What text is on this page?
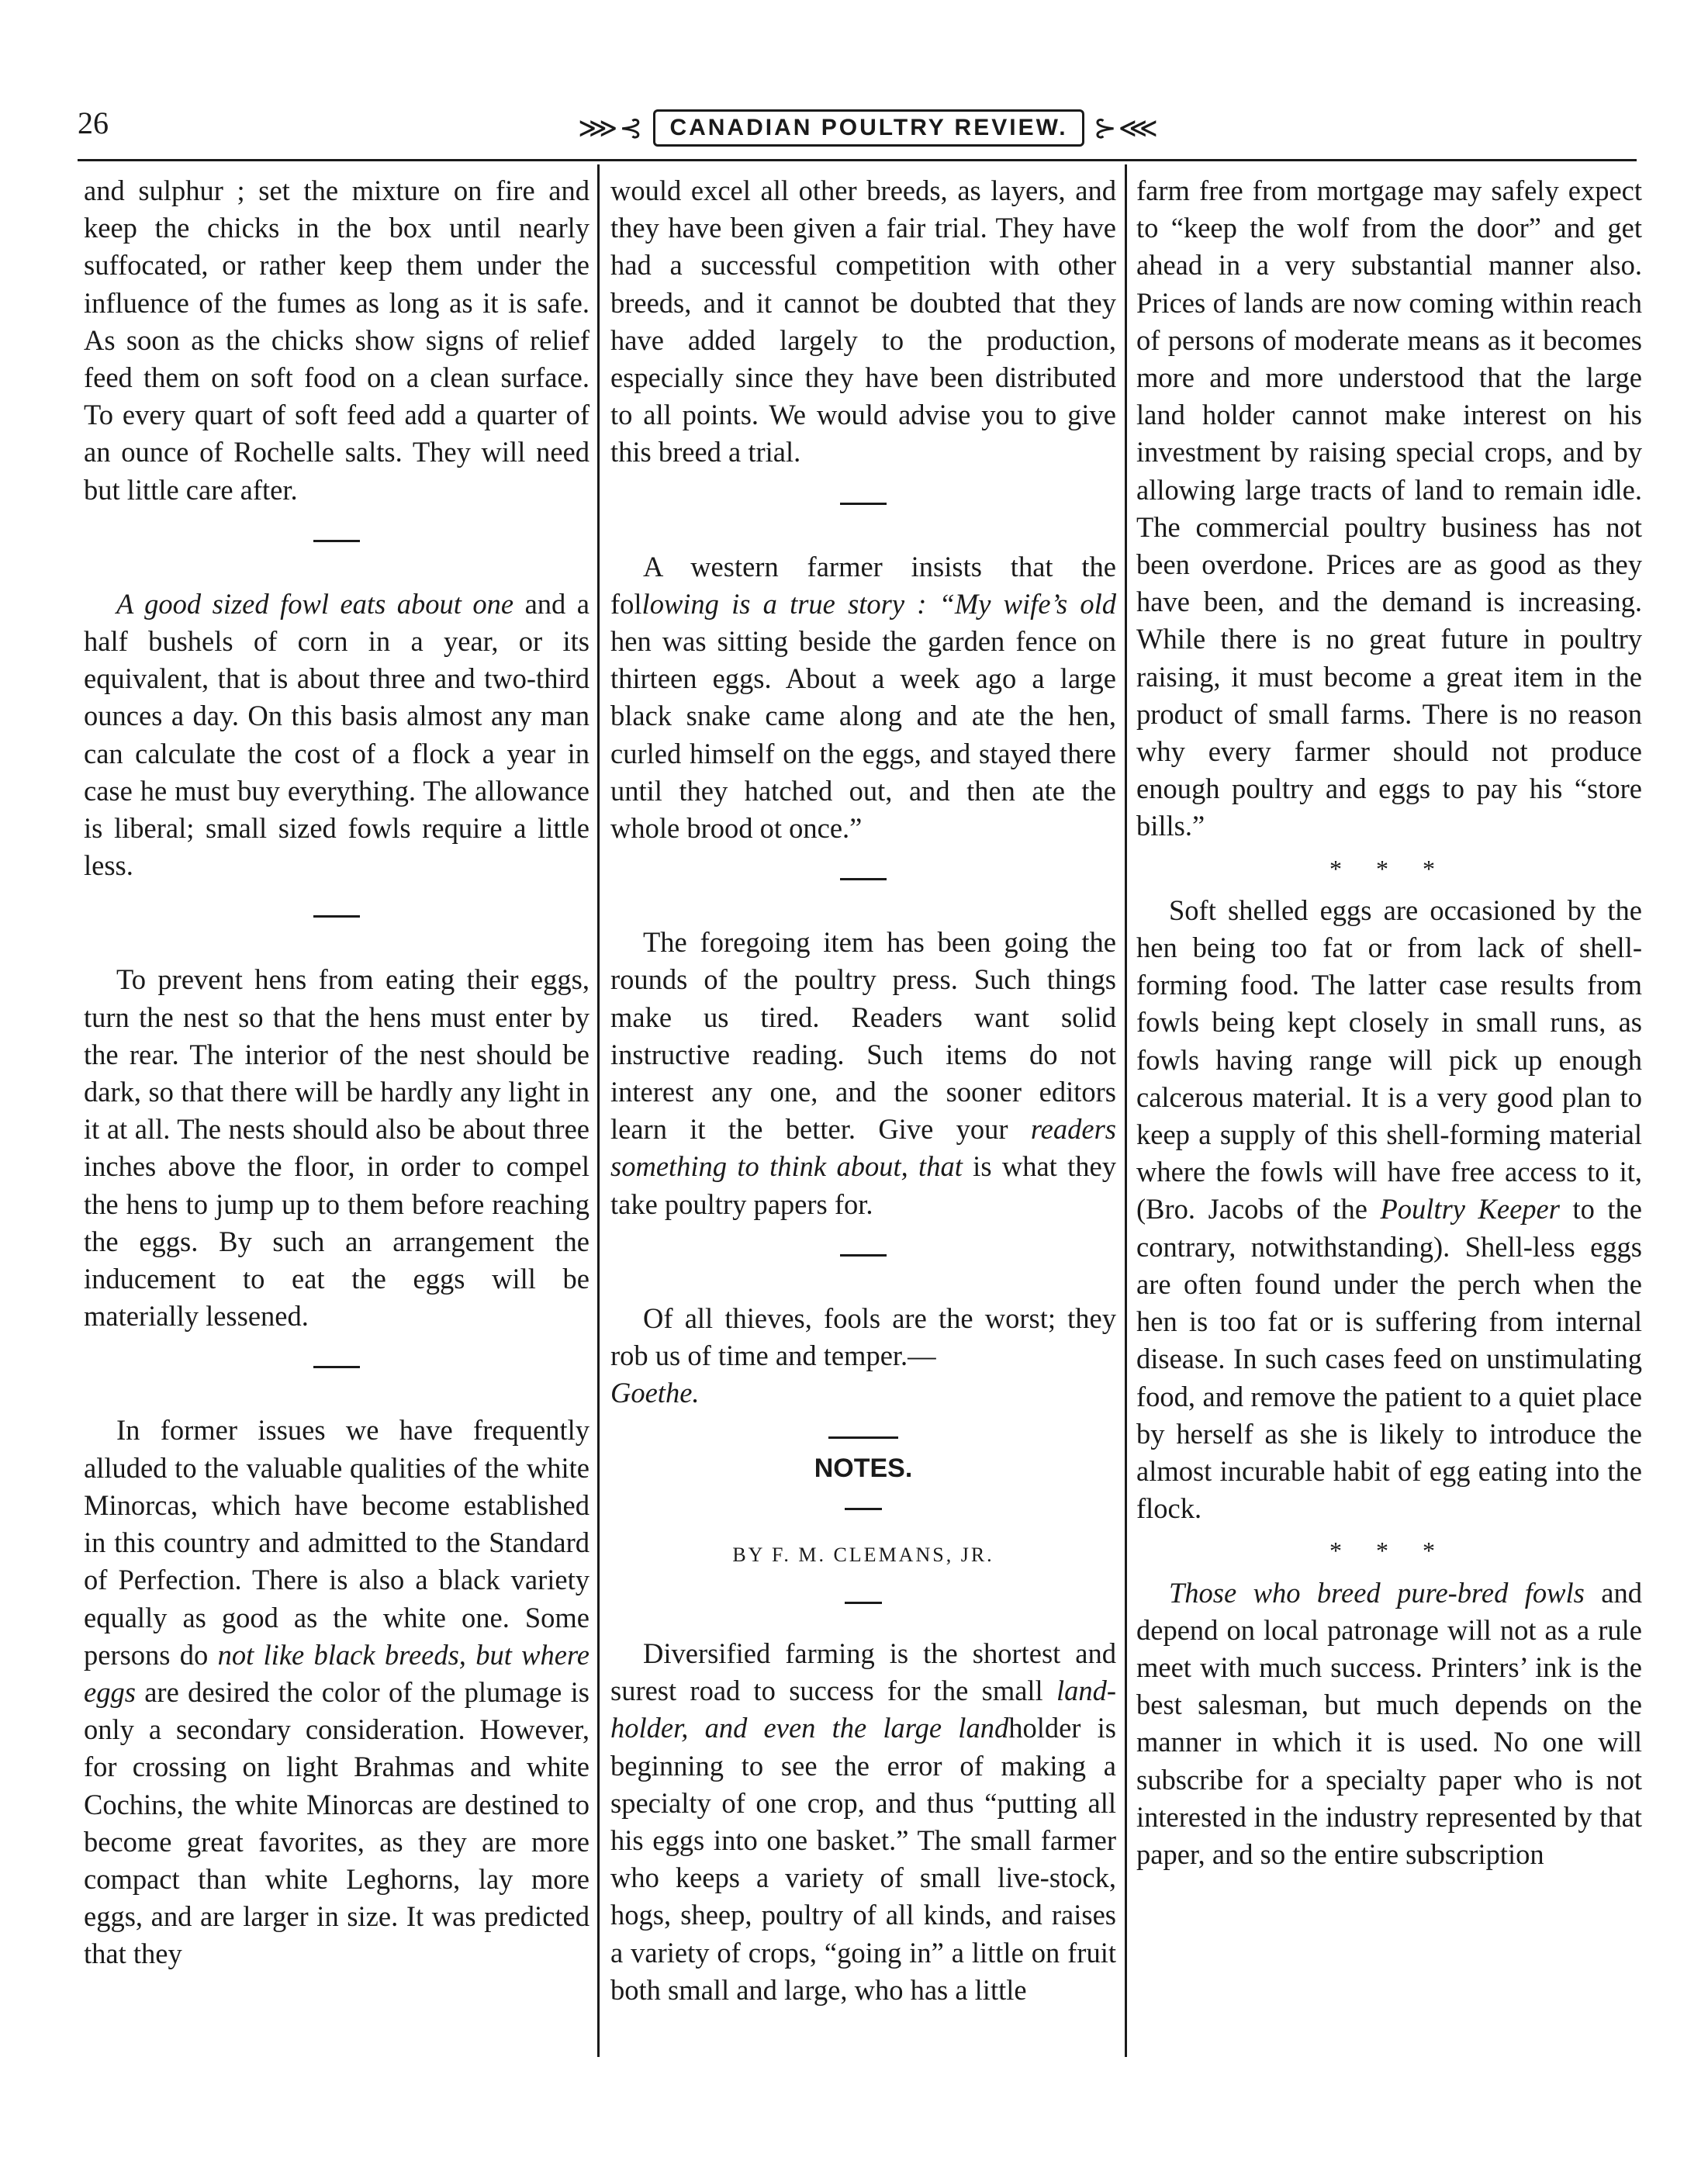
26	⋙⊰	CANADIAN POULTRY REVIEW. ⊱⋘

and sulphur ; set the mixture on fire and keep the chicks in the box until nearly suffocated, or rather keep them under the influence of the fumes as long as it is safe. As soon as the chicks show signs of relief feed them on soft food on a clean surface. To every quart of soft feed add a quarter of an ounce of Rochelle salts. They will need but little care after.

A good sized fowl eats about one and a half bushels of corn in a year, or its equivalent, that is about three and two-third ounces a day. On this basis almost any man can calculate the cost of a flock a year in case he must buy everything. The allowance is liberal; small sized fowls require a little less.

To prevent hens from eating their eggs, turn the nest so that the hens must enter by the rear. The interior of the nest should be dark, so that there will be hardly any light in it at all. The nests should also be about three inches above the floor, in order to compel the hens to jump up to them before reaching the eggs. By such an arrangement the inducement to eat the eggs will be materially lessened.

In former issues we have frequently alluded to the valuable qualities of the white Minorcas, which have become established in this country and admitted to the Standard of Perfection. There is also a black variety equally as good as the white one. Some persons do not like black breeds, but where eggs are desired the color of the plumage is only a secondary consideration. However, for crossing on light Brahmas and white Cochins, the white Minorcas are destined to become great favorites, as they are more compact than white Leghorns, lay more eggs, and are larger in size. It was predicted that they

would excel all other breeds, as layers, and they have been given a fair trial. They have had a successful competition with other breeds, and it cannot be doubted that they have added largely to the production, especially since they have been distributed to all points. We would advise you to give this breed a trial.

A western farmer insists that the following is a true story : “My wife’s old hen was sitting beside the garden fence on thirteen eggs. About a week ago a large black snake came along and ate the hen, curled himself on the eggs, and stayed there until they hatched out, and then ate the whole brood ot once.”

The foregoing item has been going the rounds of the poultry press. Such things make us tired. Readers want solid instructive reading. Such items do not interest any one, and the sooner editors learn it the better. Give your readers something to think about, that is what they take poultry papers for.

Of all thieves, fools are the worst; they rob us of time and temper.—
Goethe.

NOTES.
BY F. M. CLEMANS, JR.

Diversified farming is the shortest and surest road to success for the small land-holder, and even the large landholder is beginning to see the error of making a specialty of one crop, and thus “putting all his eggs into one basket.” The small farmer who keeps a variety of small live-stock, hogs, sheep, poultry of all kinds, and raises a variety of crops, “going in” a little on fruit both small and large, who has a little

farm free from mortgage may safely expect to “keep the wolf from the door” and get ahead in a very substantial manner also. Prices of lands are now coming within reach of persons of moderate means as it becomes more and more understood that the large land holder cannot make interest on his investment by raising special crops, and by allowing large tracts of land to remain idle. The commercial poultry business has not been overdone. Prices are as good as they have been, and the demand is increasing. While there is no great future in poultry raising, it must become a great item in the product of small farms. There is no reason why every farmer should not produce enough poultry and eggs to pay his “store bills.”

* * *

Soft shelled eggs are occasioned by the hen being too fat or from lack of shell-forming food. The latter case results from fowls being kept closely in small runs, as fowls having range will pick up enough calcerous material. It is a very good plan to keep a supply of this shell-forming material where the fowls will have free access to it, (Bro. Jacobs of the Poultry Keeper to the contrary, notwithstanding). Shell-less eggs are often found under the perch when the hen is too fat or is suffering from internal disease. In such cases feed on unstimulating food, and remove the patient to a quiet place by herself as she is likely to introduce the almost incurable habit of egg eating into the flock.

* * *

Those who breed pure-bred fowls and depend on local patronage will not as a rule meet with much success. Printers’ ink is the best salesman, but much depends on the manner in which it is used. No one will subscribe for a specialty paper who is not interested in the industry represented by that paper, and so the entire subscription
